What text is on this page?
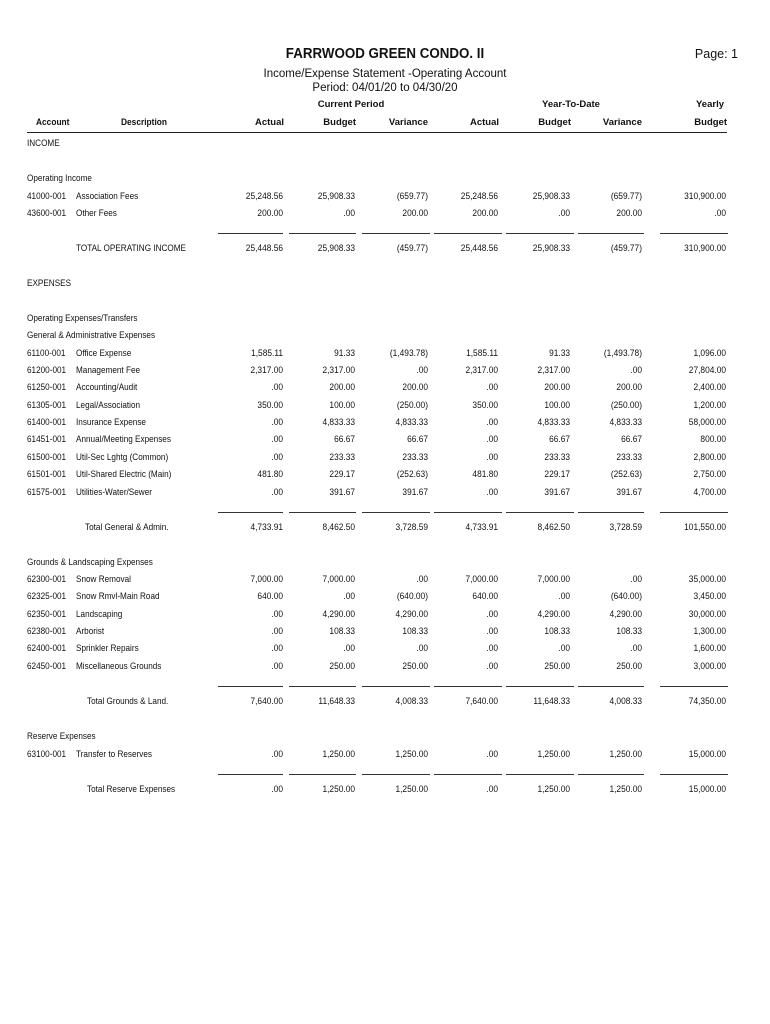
FARRWOOD GREEN CONDO. II	Page: 1
Income/Expense Statement -Operating Account
Period: 04/01/20 to 04/30/20
Current Period	Year-To-Date	Yearly
Account	Description	Actual	Budget	Variance	Actual	Budget	Variance	Budget
INCOME
Operating Income
EXPENSES
Operating Expenses/Transfers
General & Administrative Expenses
Grounds & Landscaping Expenses
Reserve Expenses
41000-001 Association Fees	25,248.56	25,908.33	(659.77)	25,248.56	25,908.33	(659.77)	310,900.00
43600-001 Other Fees	200.00	.00	200.00	200.00	.00	200.00	.00
TOTAL OPERATING INCOME	25,448.56	25,908.33	(459.77)	25,448.56	25,908.33	(459.77)	310,900.00
61100-001 Office Expense	1,585.11	91.33	(1,493.78)	1,585.11	91.33	(1,493.78)	1,096.00
61200-001 Management Fee	2,317.00	2,317.00	.00	2,317.00	2,317.00	.00	27,804.00
61250-001 Accounting/Audit	.00	200.00	200.00	.00	200.00	200.00	2,400.00
61305-001 Legal/Association	350.00	100.00	(250.00)	350.00	100.00	(250.00)	1,200.00
61400-001 Insurance Expense	.00	4,833.33	4,833.33	.00	4,833.33	4,833.33	58,000.00
61451-001 Annual/Meeting Expenses	.00	66.67	66.67	.00	66.67	66.67	800.00
61500-001 Util-Sec Lghtg (Common)	.00	233.33	233.33	.00	233.33	233.33	2,800.00
61501-001 Util-Shared Electric (Main)	481.80	229.17	(252.63)	481.80	229.17	(252.63)	2,750.00
61575-001 Utilities-Water/Sewer	.00	391.67	391.67	.00	391.67	391.67	4,700.00
Total General & Admin.	4,733.91	8,462.50	3,728.59	4,733.91	8,462.50	3,728.59	101,550.00
62300-001 Snow Removal	7,000.00	7,000.00	.00	7,000.00	7,000.00	.00	35,000.00
62325-001 Snow Rmvl-Main Road	640.00	.00	(640.00)	640.00	.00	(640.00)	3,450.00
62350-001 Landscaping	.00	4,290.00	4,290.00	.00	4,290.00	4,290.00	30,000.00
62380-001 Arborist	.00	108.33	108.33	.00	108.33	108.33	1,300.00
62400-001 Sprinkler Repairs	.00	.00	.00	.00	.00	.00	1,600.00
62450-001 Miscellaneous Grounds	.00	250.00	250.00	.00	250.00	250.00	3,000.00
Total Grounds & Land.	7,640.00	11,648.33	4,008.33	7,640.00	11,648.33	4,008.33	74,350.00
63100-001 Transfer to Reserves	.00	1,250.00	1,250.00	.00	1,250.00	1,250.00	15,000.00
Total Reserve Expenses	.00	1,250.00	1,250.00	.00	1,250.00	1,250.00	15,000.00
